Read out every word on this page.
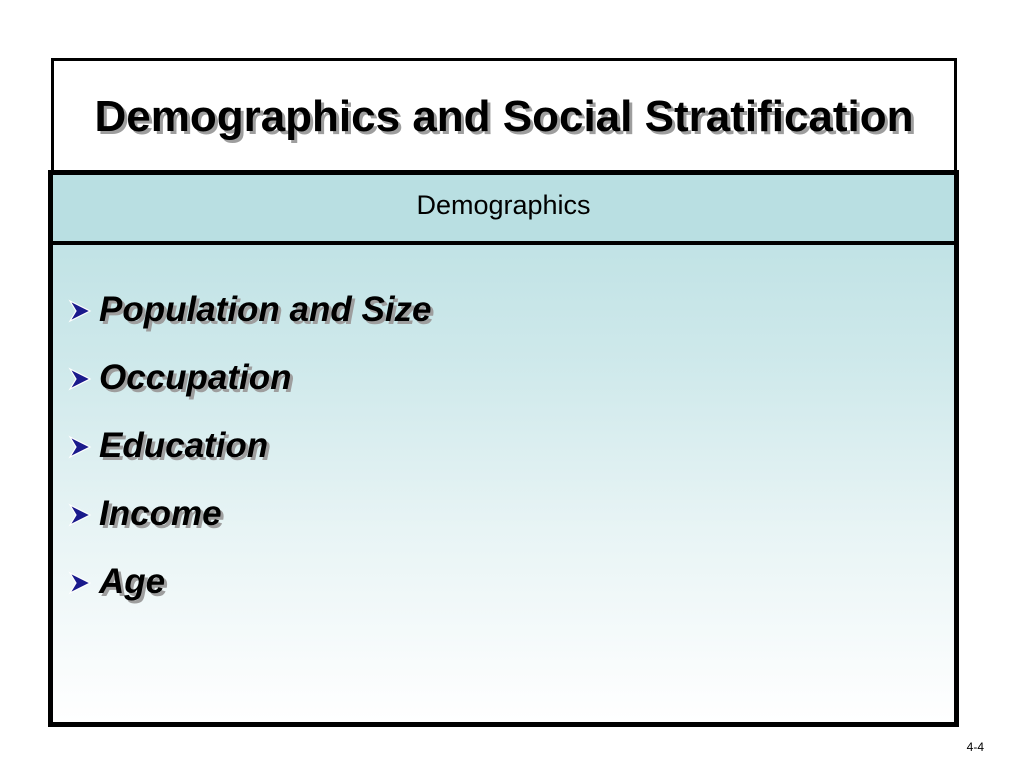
Demographics and Social Stratification
Demographics
Population and Size
Occupation
Education
Income
Age
4-4
